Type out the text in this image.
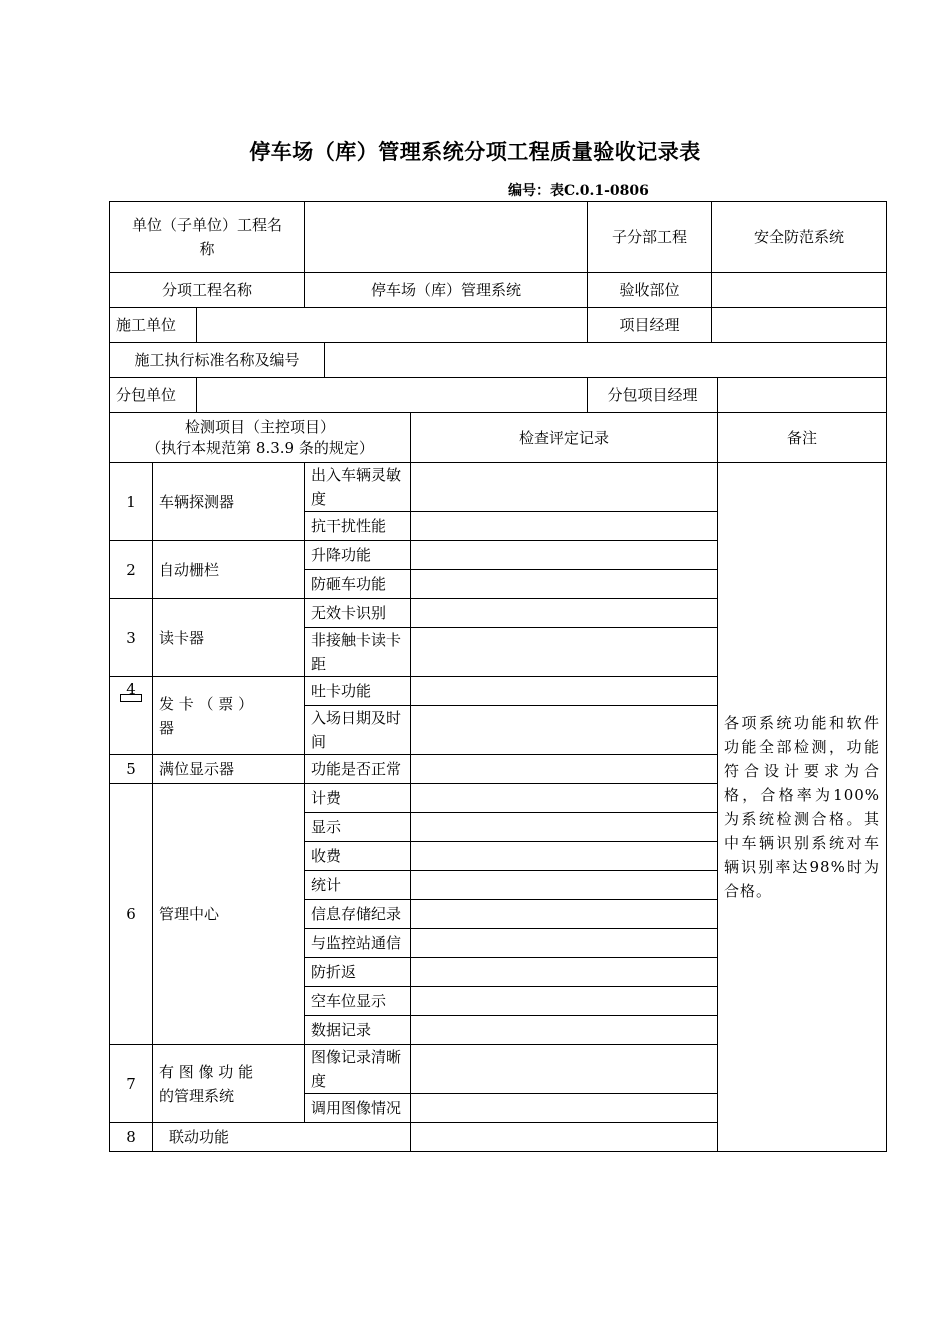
停车场（库）管理系统分项工程质量验收记录表
编号：表C.0.1-0806
单位（子单位）工程名
称						子分部工程	安全防范系统	
分项工程名称			停车场（库）管理系统			验收部位		
施工单位						项目经理		
施工执行标准名称及编号								
分包单位						分包项目经理		

检测项目（主控项目）
（执行本规范第 8.3.9 条的规定）					检查评定记录			备注
1	车辆探测器		出入车辆灵敏度					各项系统功能和软件功能全部检测，功能符合设计要求为合格，合格率为100%为系统检测合格。其中车辆识别系统对车辆识别率达98%时为合格。
			抗干扰性能					
2	自动栅栏		升降功能					
			防砸车功能					
3	读卡器		无效卡识别					
			非接触卡读卡距					
4	发 卡 （ 票 ）
器		吐卡功能					
			入场日期及时间					
5	满位显示器		功能是否正常					
6	管理中心		计费					
			显示					
			收费					
			统计					
			信息存储纪录					
			与监控站通信					
			防折返					
			空车位显示					
			数据记录					
7	有 图 像 功 能
的管理系统		图像记录清晰度					
			调用图像情况					
8	联动功能							
